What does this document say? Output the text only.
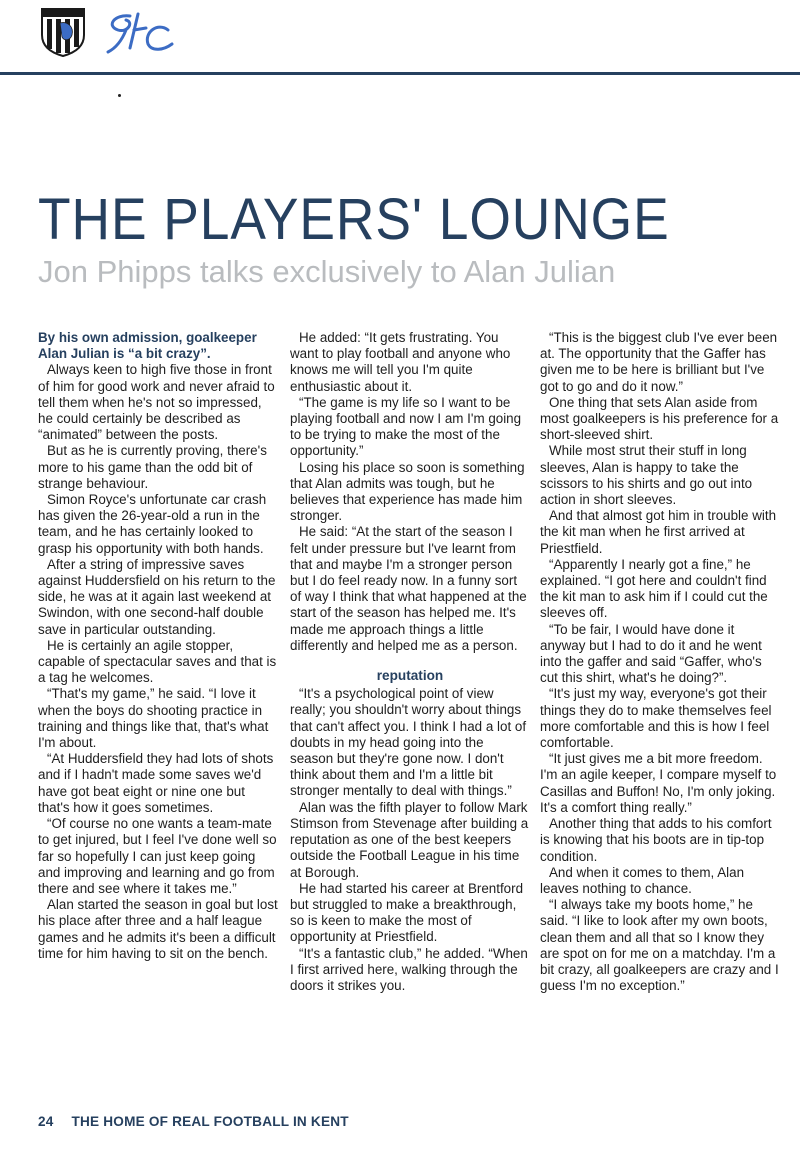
THE PLAYERS' LOUNGE
Jon Phipps talks exclusively to Alan Julian

By his own admission, goalkeeper Alan Julian is “a bit crazy”.

Always keen to high five those in front of him for good work and never afraid to tell them when he's not so impressed, he could certainly be described as “animated” between the posts.

But as he is currently proving, there's more to his game than the odd bit of strange behaviour.

Simon Royce's unfortunate car crash has given the 26-year-old a run in the team, and he has certainly looked to grasp his opportunity with both hands.

After a string of impressive saves against Huddersfield on his return to the side, he was at it again last weekend at Swindon, with one second-half double save in particular outstanding.

He is certainly an agile stopper, capable of spectacular saves and that is a tag he welcomes.

“That's my game,” he said. “I love it when the boys do shooting practice in training and things like that, that's what I'm about.

“At Huddersfield they had lots of shots and if I hadn't made some saves we'd have got beat eight or nine one but that's how it goes sometimes.

“Of course no one wants a team-mate to get injured, but I feel I've done well so far so hopefully I can just keep going and improving and learning and go from there and see where it takes me.”

Alan started the season in goal but lost his place after three and a half league games and he admits it's been a difficult time for him having to sit on the bench.

He added: “It gets frustrating. You want to play football and anyone who knows me will tell you I'm quite enthusiastic about it.

“The game is my life so I want to be playing football and now I am I'm going to be trying to make the most of the opportunity.”

Losing his place so soon is something that Alan admits was tough, but he believes that experience has made him stronger.

He said: “At the start of the season I felt under pressure but I've learnt from that and maybe I'm a stronger person but I do feel ready now. In a funny sort of way I think that what happened at the start of the season has helped me. It's made me approach things a little differently and helped me as a person.

reputation

“It's a psychological point of view really; you shouldn't worry about things that can't affect you. I think I had a lot of doubts in my head going into the season but they're gone now. I don't think about them and I'm a little bit stronger mentally to deal with things.”

Alan was the fifth player to follow Mark Stimson from Stevenage after building a reputation as one of the best keepers outside the Football League in his time at Borough.

He had started his career at Brentford but struggled to make a breakthrough, so is keen to make the most of opportunity at Priestfield.

“It's a fantastic club,” he added. “When I first arrived here, walking through the doors it strikes you.

“This is the biggest club I've ever been at. The opportunity that the Gaffer has given me to be here is brilliant but I've got to go and do it now.”

One thing that sets Alan aside from most goalkeepers is his preference for a short-sleeved shirt.

While most strut their stuff in long sleeves, Alan is happy to take the scissors to his shirts and go out into action in short sleeves.

And that almost got him in trouble with the kit man when he first arrived at Priestfield.

“Apparently I nearly got a fine,” he explained. “I got here and couldn't find the kit man to ask him if I could cut the sleeves off.

“To be fair, I would have done it anyway but I had to do it and he went into the gaffer and said “Gaffer, who's cut this shirt, what's he doing?”.

“It's just my way, everyone's got their things they do to make themselves feel more comfortable and this is how I feel comfortable.

“It just gives me a bit more freedom. I'm an agile keeper, I compare myself to Casillas and Buffon! No, I'm only joking. It's a comfort thing really.”

Another thing that adds to his comfort is knowing that his boots are in tip-top condition.

And when it comes to them, Alan leaves nothing to chance.

“I always take my boots home,” he said. “I like to look after my own boots, clean them and all that so I know they are spot on for me on a matchday. I'm a bit crazy, all goalkeepers are crazy and I guess I'm no exception.”

24 THE HOME OF REAL FOOTBALL IN KENT
